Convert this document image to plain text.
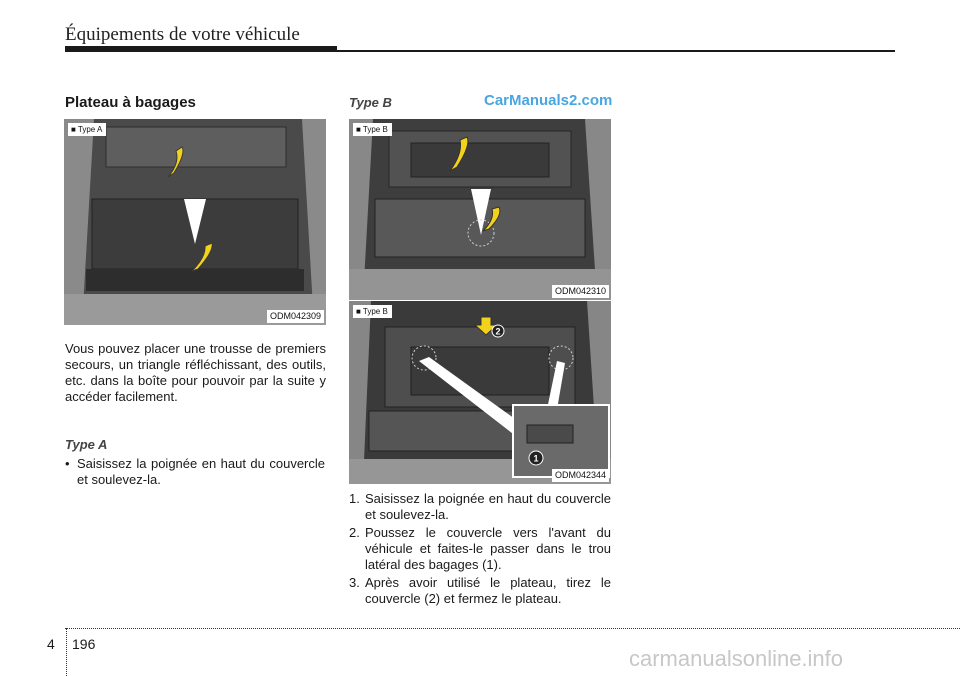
Équipements de votre véhicule
Plateau à bagages
■ Type A
ODM042309
Vous pouvez placer une trousse de premiers secours, un triangle réfléchissant, des outils, etc. dans la boîte pour pouvoir par la suite y accéder facilement.
Type A
• Saisissez la poignée en haut du couvercle et soulevez-la.
Type B	CarManuals2.com
■ Type B
ODM042310
2
1
■ Type B
ODM042344
1. Saisissez la poignée en haut du couvercle et soulevez-la.
2. Poussez le couvercle vers l'avant du véhicule et faites-le passer dans le trou latéral des bagages (1).
3. Après avoir utilisé le plateau, tirez le couvercle (2) et fermez le plateau.
4 196
carmanualsonline.info
